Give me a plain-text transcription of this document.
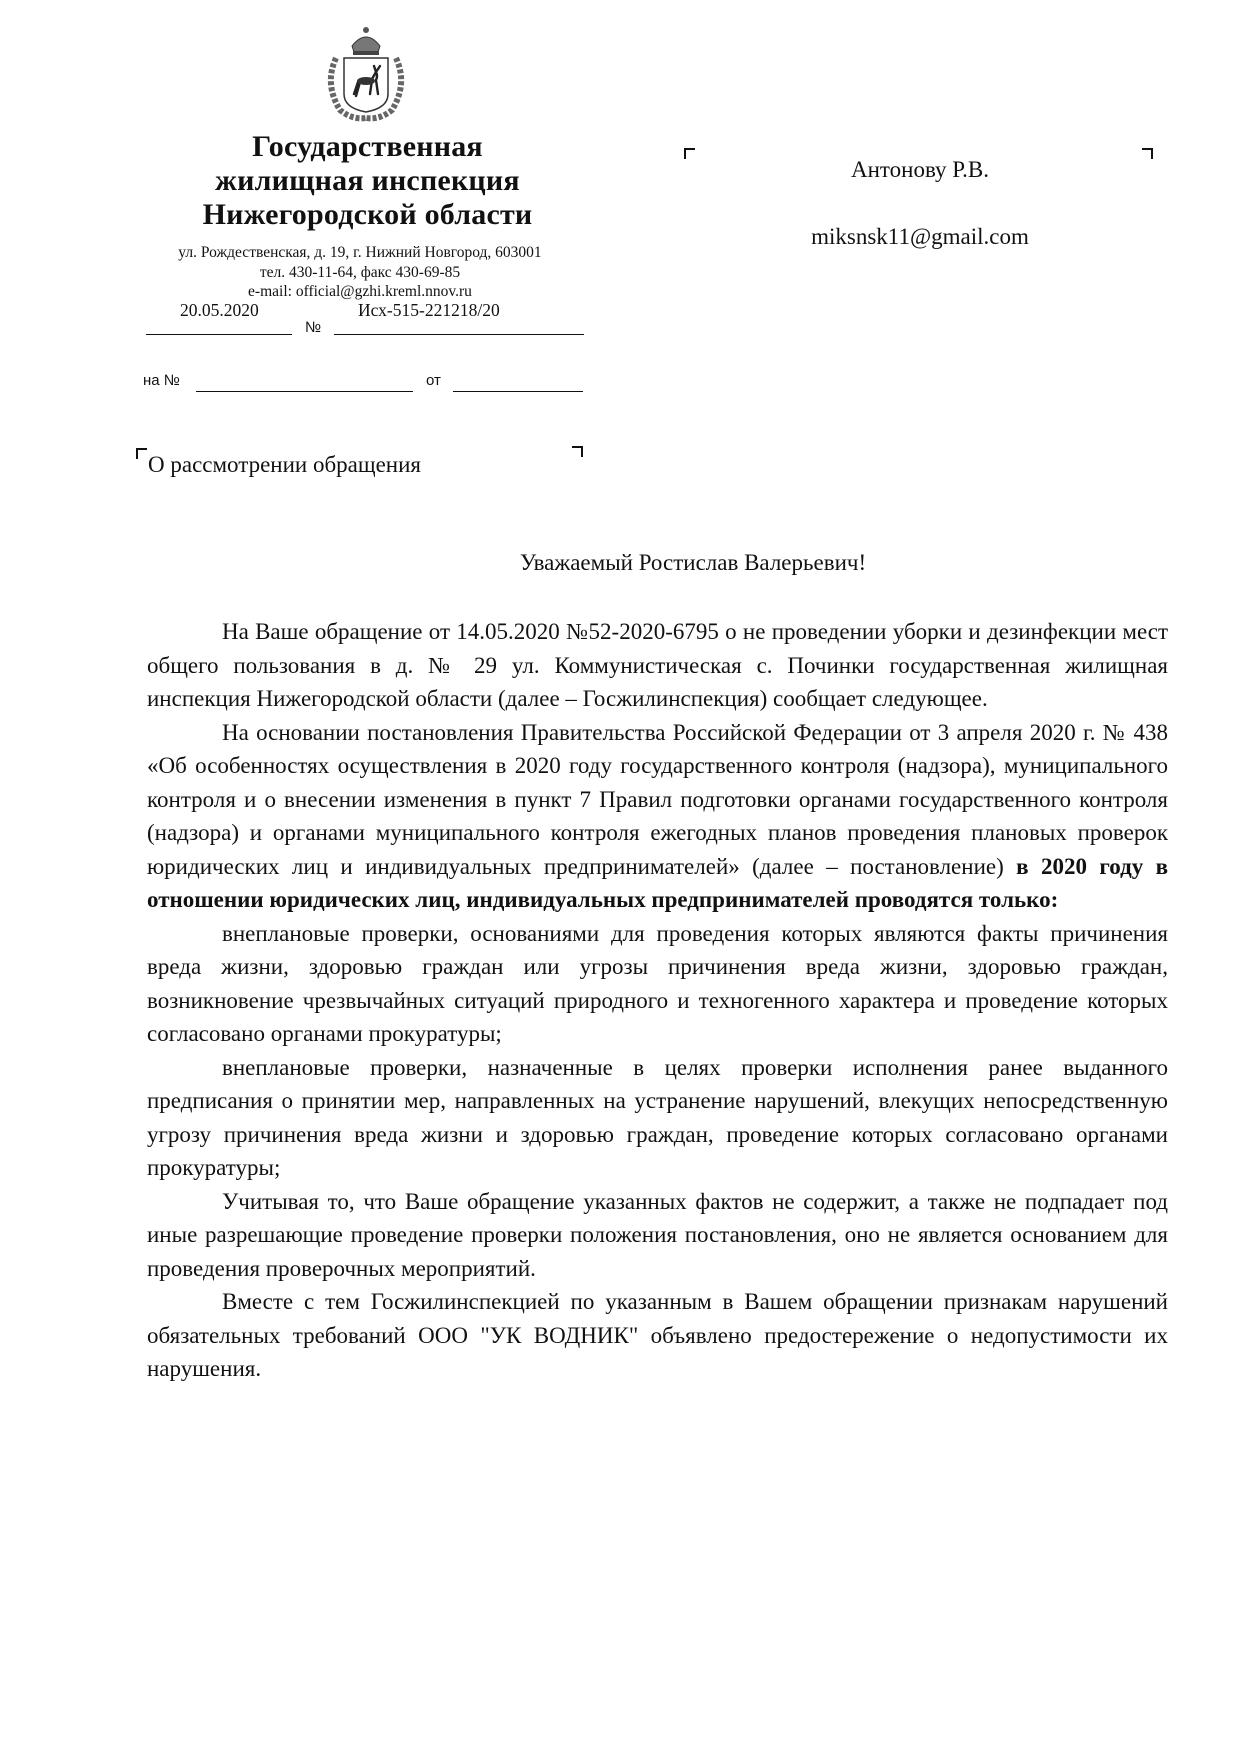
Государственная
жилищная инспекция
Нижегородской области
ул. Рождественская, д. 19, г. Нижний Новгород, 603001
тел. 430-11-64, факс 430-69-85
e-mail: official@gzhi.kreml.nnov.ru
20.05.2020	Исх-515-221218/20
№
на №	от
О рассмотрении обращения
Антонову Р.В.
miksnsk11@gmail.com
Уважаемый Ростислав Валерьевич!

На Ваше обращение от 14.05.2020 №52-2020-6795 о не проведении уборки и дезинфекции мест общего пользования в д. № 29 ул. Коммунистическая с. Починки государственная жилищная инспекция Нижегородской области (далее – Госжилинспекция) сообщает следующее.

На основании постановления Правительства Российской Федерации от 3 апреля 2020 г. № 438 «Об особенностях осуществления в 2020 году государственного контроля (надзора), муниципального контроля и о внесении изменения в пункт 7 Правил подготовки органами государственного контроля (надзора) и органами муниципального контроля ежегодных планов проведения плановых проверок юридических лиц и индивидуальных предпринимателей» (далее – постановление) в 2020 году в отношении юридических лиц, индивидуальных предпринимателей проводятся только:

внеплановые проверки, основаниями для проведения которых являются факты причинения вреда жизни, здоровью граждан или угрозы причинения вреда жизни, здоровью граждан, возникновение чрезвычайных ситуаций природного и техногенного характера и проведение которых согласовано органами прокуратуры;

внеплановые проверки, назначенные в целях проверки исполнения ранее выданного предписания о принятии мер, направленных на устранение нарушений, влекущих непосредственную угрозу причинения вреда жизни и здоровью граждан, проведение которых согласовано органами прокуратуры;

Учитывая то, что Ваше обращение указанных фактов не содержит, а также не подпадает под иные разрешающие проведение проверки положения постановления, оно не является основанием для проведения проверочных мероприятий.

Вместе с тем Госжилинспекцией по указанным в Вашем обращении признакам нарушений обязательных требований ООО "УК ВОДНИК" объявлено предостережение о недопустимости их нарушения.
